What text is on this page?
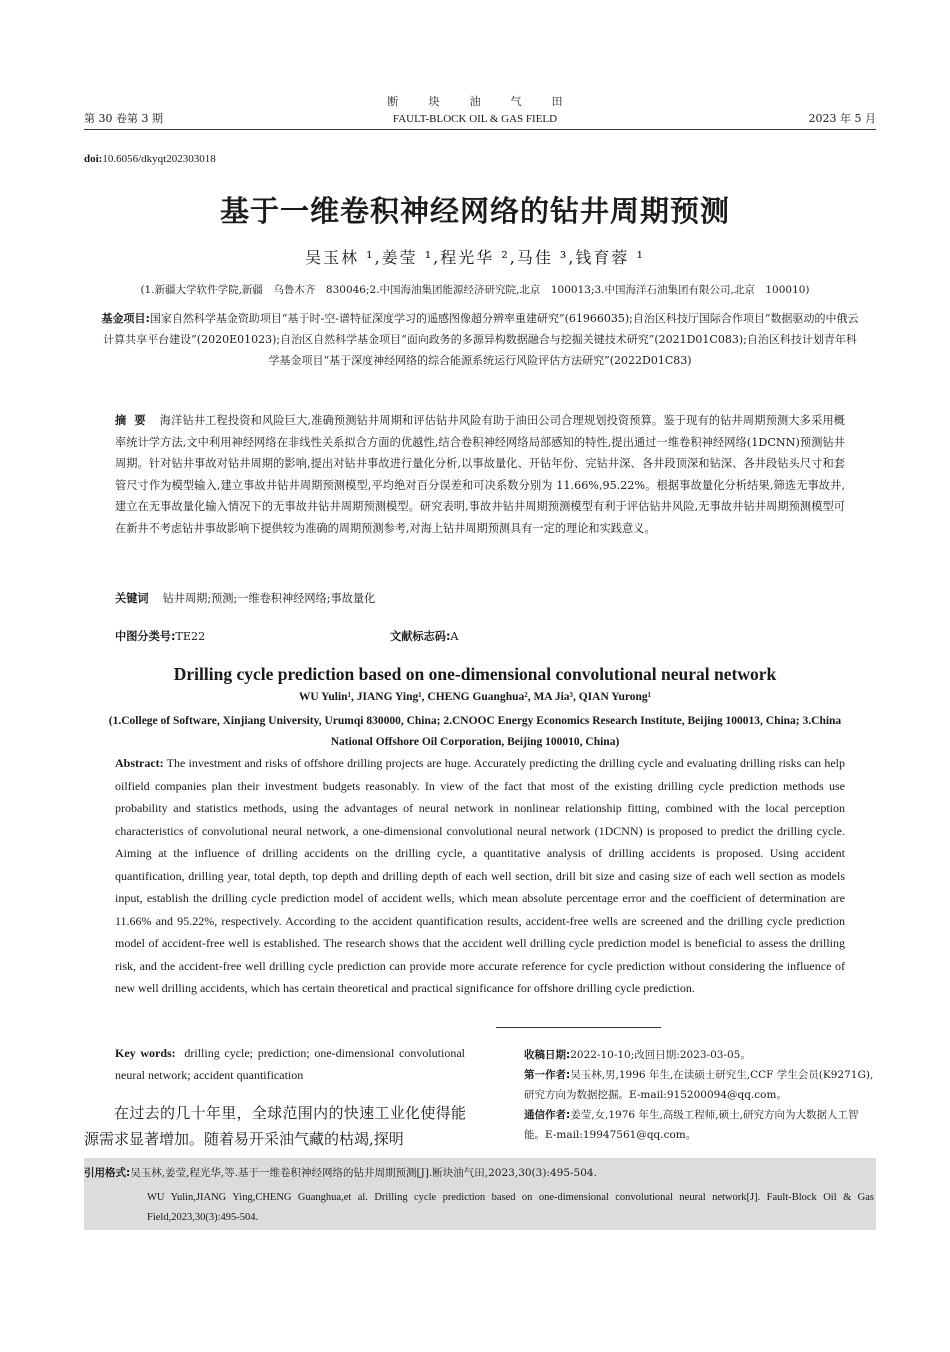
第 30 卷第 3 期
断块油气田
FAULT-BLOCK OIL & GAS FIELD	2023 年 5 月
doi:10.6056/dkyqt202303018
基于一维卷积神经网络的钻井周期预测
吴玉林 ¹,姜莹 ¹,程光华 ²,马佳 ³,钱育蓉 ¹
(1.新疆大学软件学院,新疆　乌鲁木齐　830046;2.中国海油集团能源经济研究院,北京　100013;3.中国海洋石油集团有限公司,北京　100010)
基金项目:国家自然科学基金资助项目“基于时-空-谱特征深度学习的遥感图像超分辨率重建研究”(61966035);自治区科技厅国际合作项目“数据驱动的中俄云计算共享平台建设”(2020E01023);自治区自然科学基金项目“面向政务的多源异构数据融合与挖掘关键技术研究”(2021D01C083);自治区科技计划青年科学基金项目“基于深度神经网络的综合能源系统运行风险评估方法研究”(2022D01C83)
摘要 海洋钻井工程投资和风险巨大,准确预测钻井周期和评估钻井风险有助于油田公司合理规划投资预算。鉴于现有的钻井周期预测大多采用概率统计学方法,文中利用神经网络在非线性关系拟合方面的优越性,结合卷积神经网络局部感知的特性,提出通过一维卷积神经网络(1DCNN)预测钻井周期。针对钻井事故对钻井周期的影响,提出对钻井事故进行量化分析,以事故量化、开钻年份、完钻井深、各井段顶深和钻深、各井段钻头尺寸和套管尺寸作为模型输入,建立事故井钻井周期预测模型,平均绝对百分误差和可决系数分别为 11.66%,95.22%。根据事故量化分析结果,筛选无事故井,建立在无事故量化输入情况下的无事故井钻井周期预测模型。研究表明,事故井钻井周期预测模型有利于评估钻井风险,无事故井钻井周期预测模型可在新井不考虑钻井事故影响下提供较为准确的周期预测参考,对海上钻井周期预测具有一定的理论和实践意义。
关键词 钻井周期;预测;一维卷积神经网络;事故量化
中图分类号:TE22	文献标志码:A
Drilling cycle prediction based on one-dimensional convolutional neural network
WU Yulin¹, JIANG Ying¹, CHENG Guanghua², MA Jia³, QIAN Yurong¹
(1.College of Software, Xinjiang University, Urumqi 830000, China; 2.CNOOC Energy Economics Research Institute, Beijing 100013, China; 3.China National Offshore Oil Corporation, Beijing 100010, China)
Abstract: The investment and risks of offshore drilling projects are huge. Accurately predicting the drilling cycle and evaluating drilling risks can help oilfield companies plan their investment budgets reasonably. In view of the fact that most of the existing drilling cycle prediction methods use probability and statistics methods, using the advantages of neural network in nonlinear relationship fitting, combined with the local perception characteristics of convolutional neural network, a one-dimensional convolutional neural network (1DCNN) is proposed to predict the drilling cycle. Aiming at the influence of drilling accidents on the drilling cycle, a quantitative analysis of drilling accidents is proposed. Using accident quantification, drilling year, total depth, top depth and drilling depth of each well section, drill bit size and casing size of each well section as models input, establish the drilling cycle prediction model of accident wells, which mean absolute percentage error and the coefficient of determination are 11.66% and 95.22%, respectively. According to the accident quantification results, accident-free wells are screened and the drilling cycle prediction model of accident-free well is established. The research shows that the accident well drilling cycle prediction model is beneficial to assess the drilling risk, and the accident-free well drilling cycle prediction can provide more accurate reference for cycle prediction without considering the influence of new well drilling accidents, which has certain theoretical and practical significance for offshore drilling cycle prediction.
Key words: drilling cycle; prediction; one-dimensional convolutional neural network; accident quantification
在过去的几十年里，全球范围内的快速工业化使得能源需求显著增加。随着易开采油气藏的枯竭,探明

收稿日期:2022-10-10;改回日期:2023-03-05。

第一作者:吴玉林,男,1996 年生,在读硕士研究生,CCF 学生会员(K9271G),研究方向为数据挖掘。E-mail:915200094@qq.com。

通信作者:姜莹,女,1976 年生,高级工程师,硕士,研究方向为大数据人工智能。E-mail:19947561@qq.com。

引用格式:吴玉林,姜莹,程光华,等.基于一维卷积神经网络的钻井周期预测[J].断块油气田,2023,30(3):495-504.
WU Yulin,JIANG Ying,CHENG Guanghua,et al. Drilling cycle prediction based on one-dimensional convolutional neural network[J]. Fault-Block Oil & Gas Field,2023,30(3):495-504.
